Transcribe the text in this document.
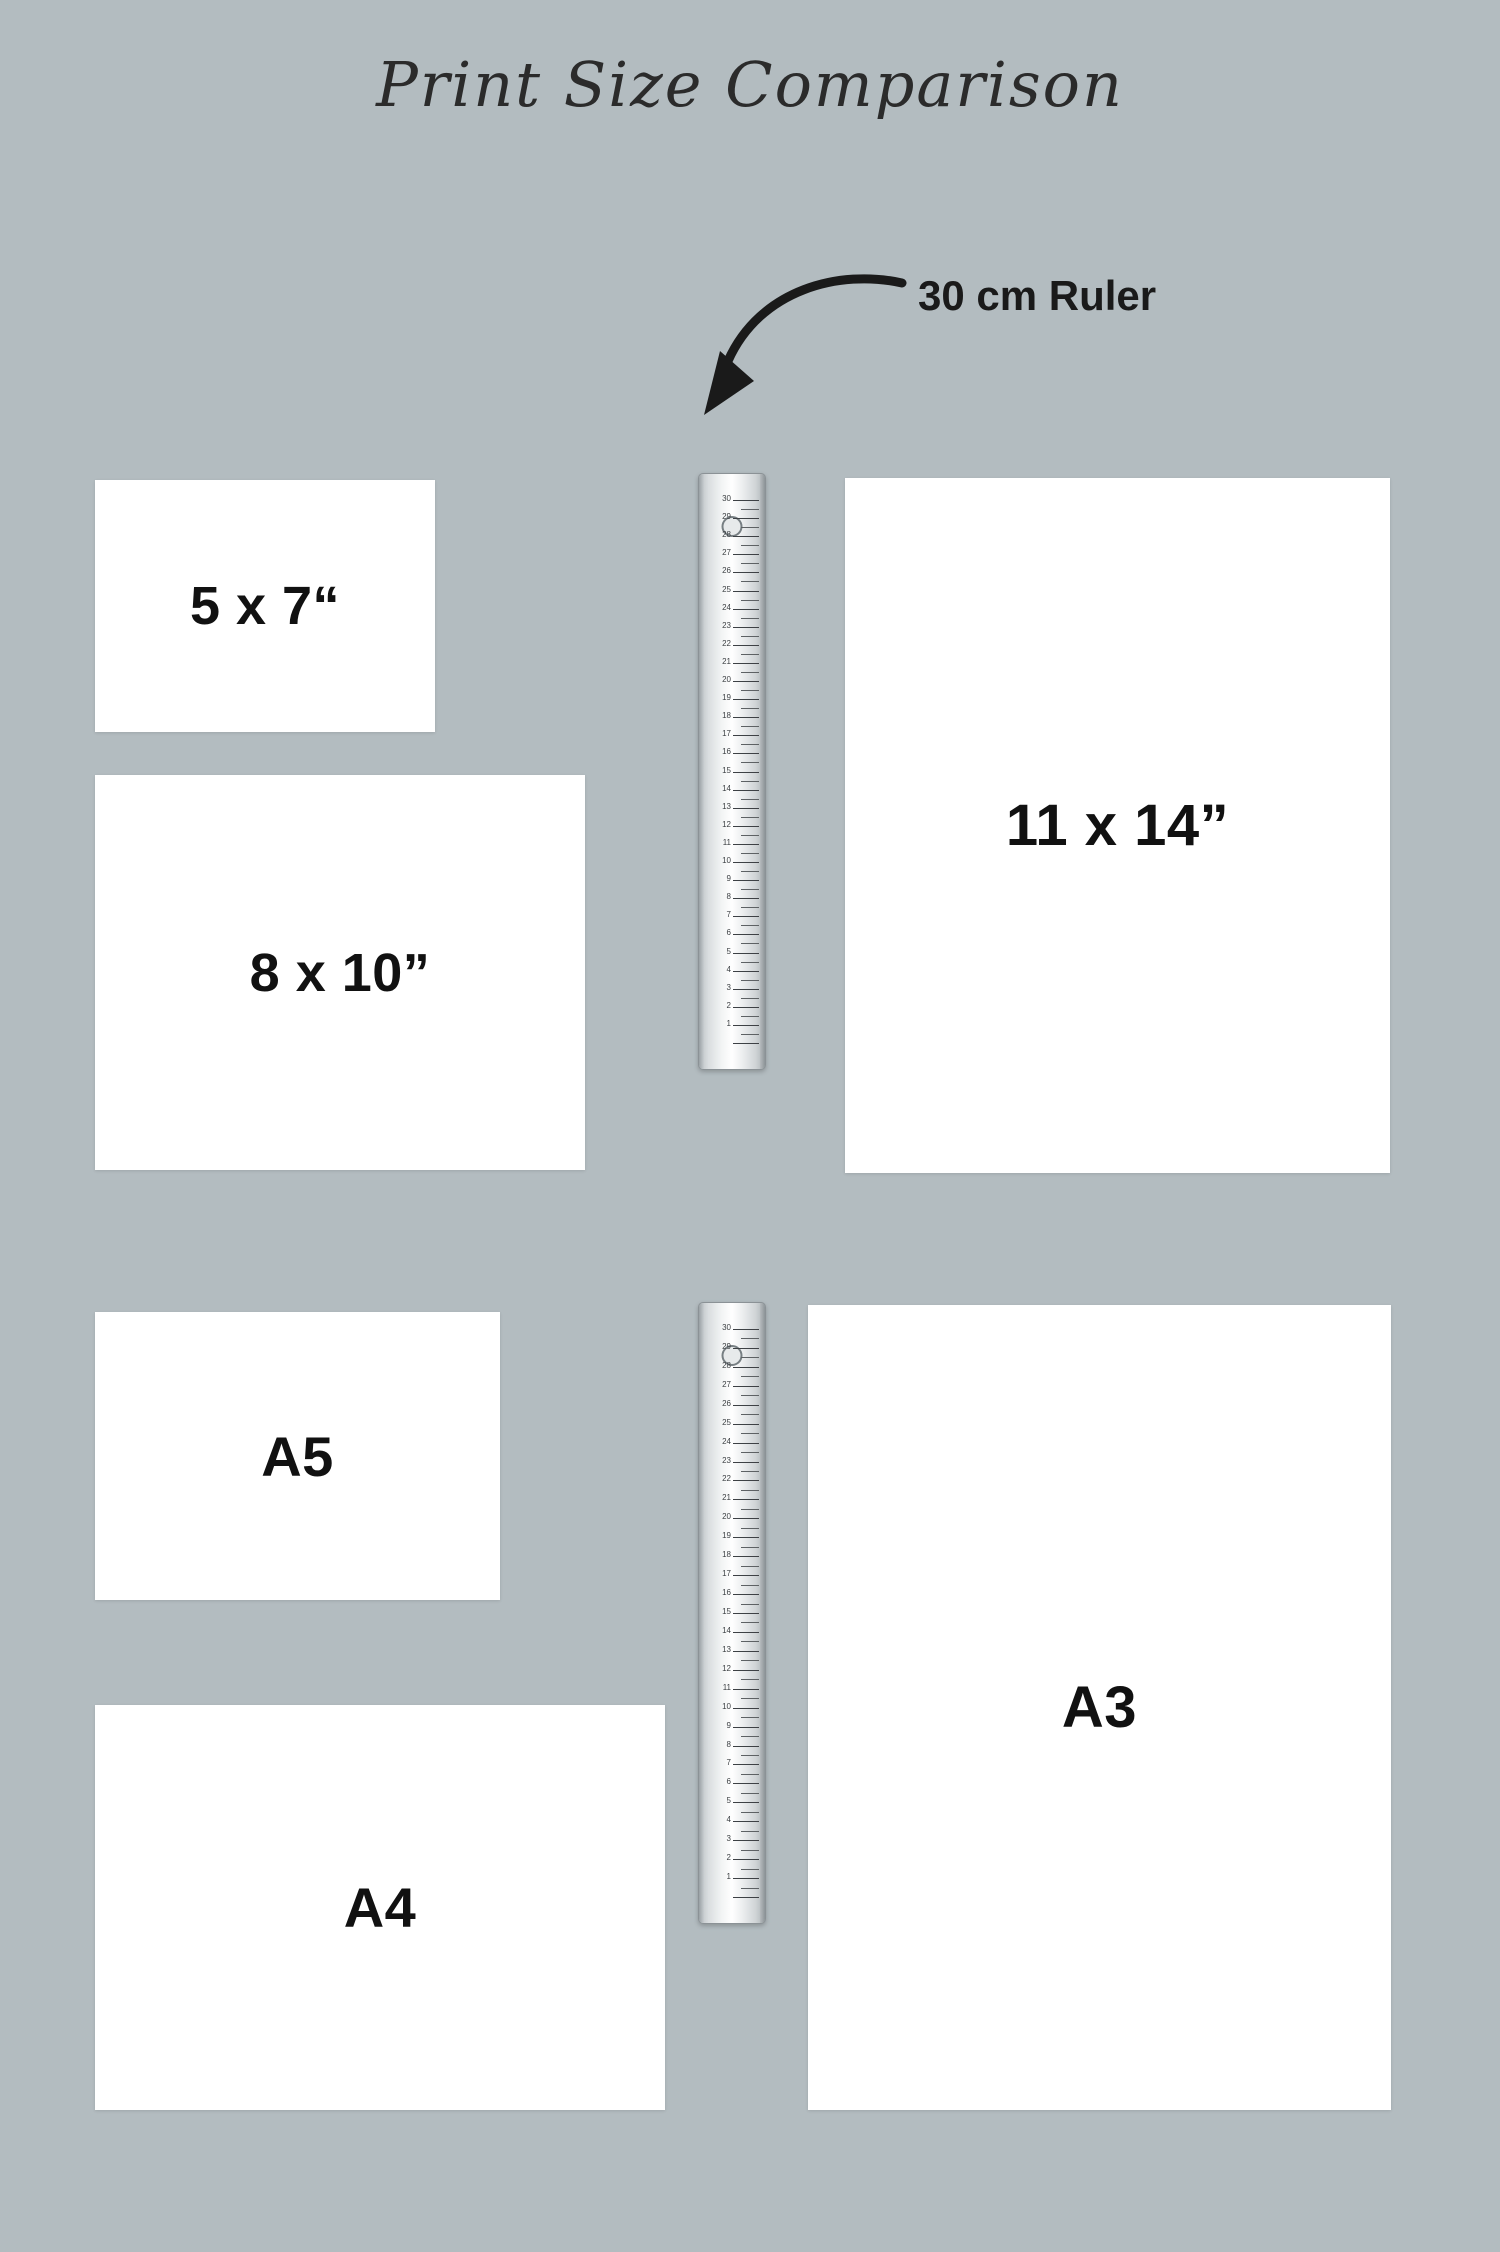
Print Size Comparison
30 cm Ruler
5 x 7“
8 x 10”
11 x 14”
A5
A4
A3
30
29
28
27
26
25
24
23
22
21
20
19
18
17
16
15
14
13
12
11
10
9
8
7
6
5
4
3
2
1
30
29
28
27
26
25
24
23
22
21
20
19
18
17
16
15
14
13
12
11
10
9
8
7
6
5
4
3
2
1
